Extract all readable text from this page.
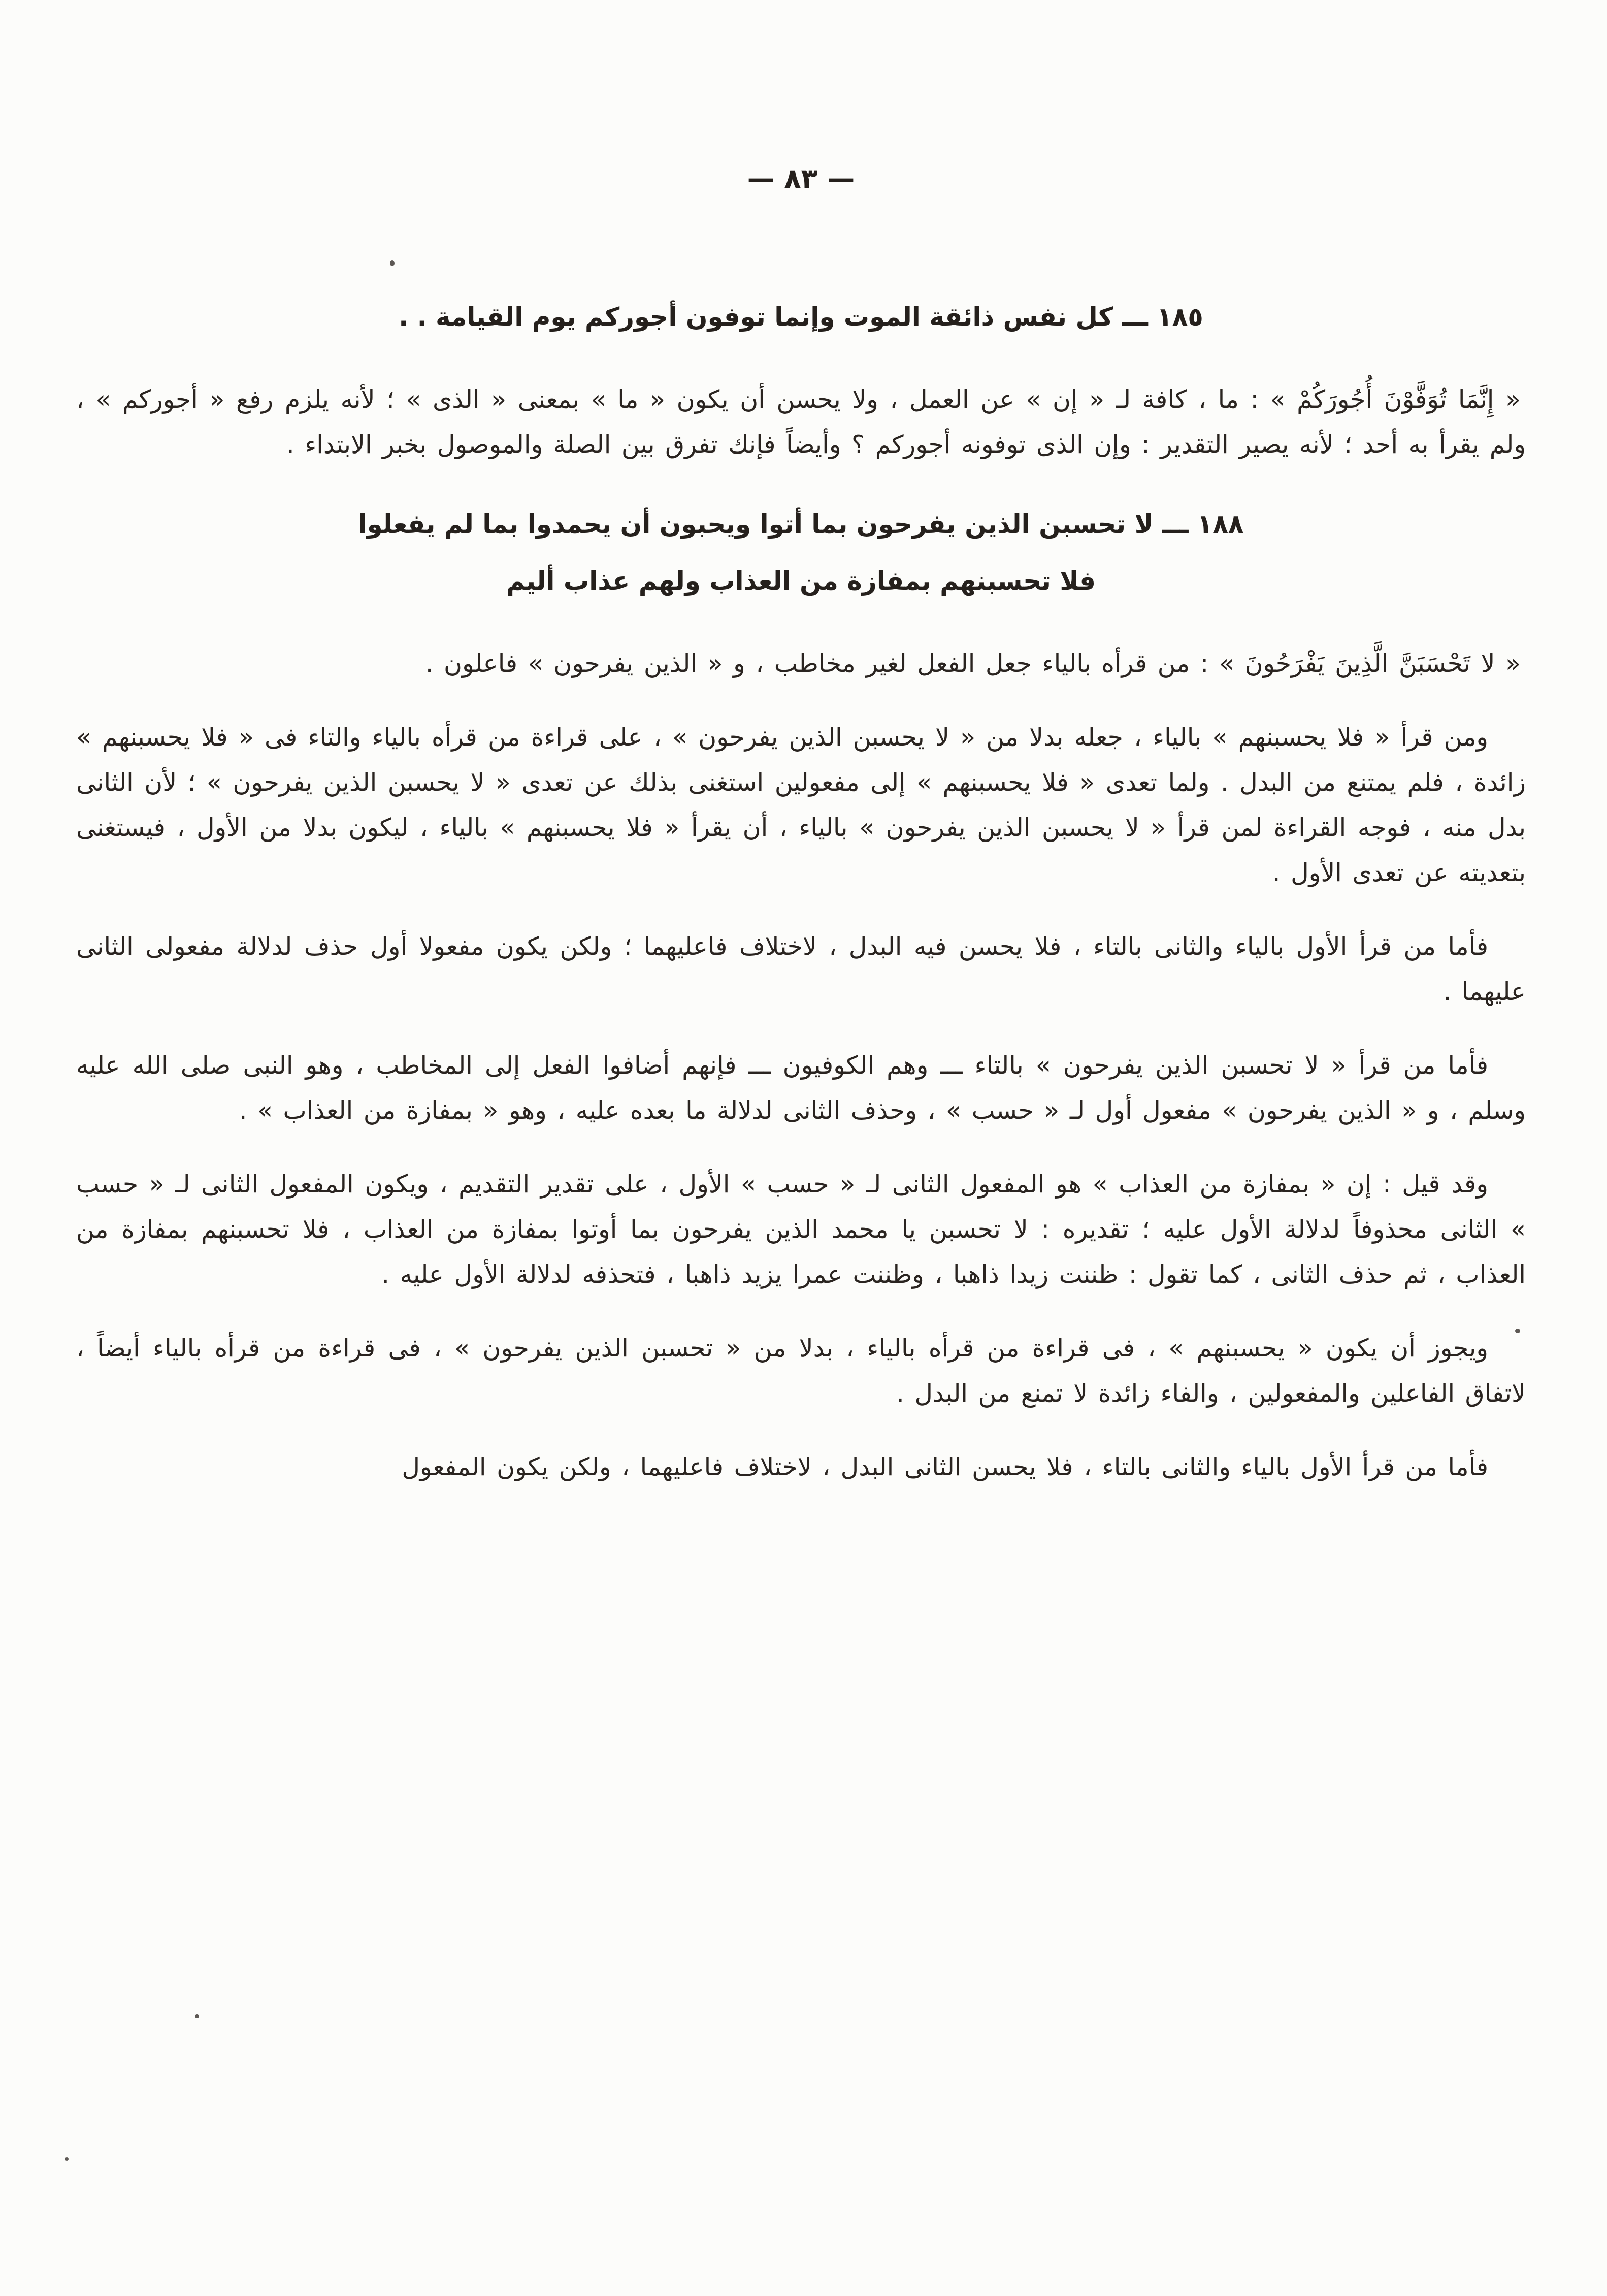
— ٨٣ —
١٨٥ ـــ كل نفس ذائقة الموت وإنما توفون أجوركم يوم القيامة . .

« إِنَّمَا تُوَفَّوْنَ أُجُورَكُمْ » : ما ، كافة لـ « إن » عن العمل ، ولا يحسن أن يكون « ما » بمعنى « الذى » ؛ لأنه يلزم رفع « أجوركم » ، ولم يقرأ به أحد ؛ لأنه يصير التقدير : وإن الذى توفونه أجوركم ؟ وأيضاً فإنك تفرق بين الصلة والموصول بخبر الابتداء .

١٨٨ ـــ لا تحسبن الذين يفرحون بما أتوا ويحبون أن يحمدوا بما لم يفعلوا
فلا تحسبنهم بمفازة من العذاب ولهم عذاب أليم

« لا تَحْسَبَنَّ الَّذِينَ يَفْرَحُونَ » : من قرأه بالياء جعل الفعل لغير مخاطب ، و « الذين يفرحون » فاعلون .

ومن قرأ « فلا يحسبنهم » بالياء ، جعله بدلا من « لا يحسبن الذين يفرحون » ، على قراءة من قرأه بالياء والتاء فى « فلا يحسبنهم » زائدة ، فلم يمتنع من البدل . ولما تعدى « فلا يحسبنهم » إلى مفعولين استغنى بذلك عن تعدى « لا يحسبن الذين يفرحون » ؛ لأن الثانى بدل منه ، فوجه القراءة لمن قرأ « لا يحسبن الذين يفرحون » بالياء ، أن يقرأ « فلا يحسبنهم » بالياء ، ليكون بدلا من الأول ، فيستغنى بتعديته عن تعدى الأول .

فأما من قرأ الأول بالياء والثانى بالتاء ، فلا يحسن فيه البدل ، لاختلاف فاعليهما ؛ ولكن يكون مفعولا أول حذف لدلالة مفعولى الثانى عليهما .

فأما من قرأ « لا تحسبن الذين يفرحون » بالتاء ـــ وهم الكوفيون ـــ فإنهم أضافوا الفعل إلى المخاطب ، وهو النبى صلى الله عليه وسلم ، و « الذين يفرحون » مفعول أول لـ « حسب » ، وحذف الثانى لدلالة ما بعده عليه ، وهو « بمفازة من العذاب » .

وقد قيل : إن « بمفازة من العذاب » هو المفعول الثانى لـ « حسب » الأول ، على تقدير التقديم ، ويكون المفعول الثانى لـ « حسب » الثانى محذوفاً لدلالة الأول عليه ؛ تقديره : لا تحسبن يا محمد الذين يفرحون بما أوتوا بمفازة من العذاب ، فلا تحسبنهم بمفازة من العذاب ، ثم حذف الثانى ، كما تقول : ظننت زيدا ذاهبا ، وظننت عمرا يزيد ذاهبا ، فتحذفه لدلالة الأول عليه .

ويجوز أن يكون « يحسبنهم » ، فى قراءة من قرأه بالياء ، بدلا من « تحسبن الذين يفرحون » ، فى قراءة من قرأه بالياء أيضاً ، لاتفاق الفاعلين والمفعولين ، والفاء زائدة لا تمنع من البدل .

فأما من قرأ الأول بالياء والثانى بالتاء ، فلا يحسن الثانى البدل ، لاختلاف فاعليهما ، ولكن يكون المفعول
